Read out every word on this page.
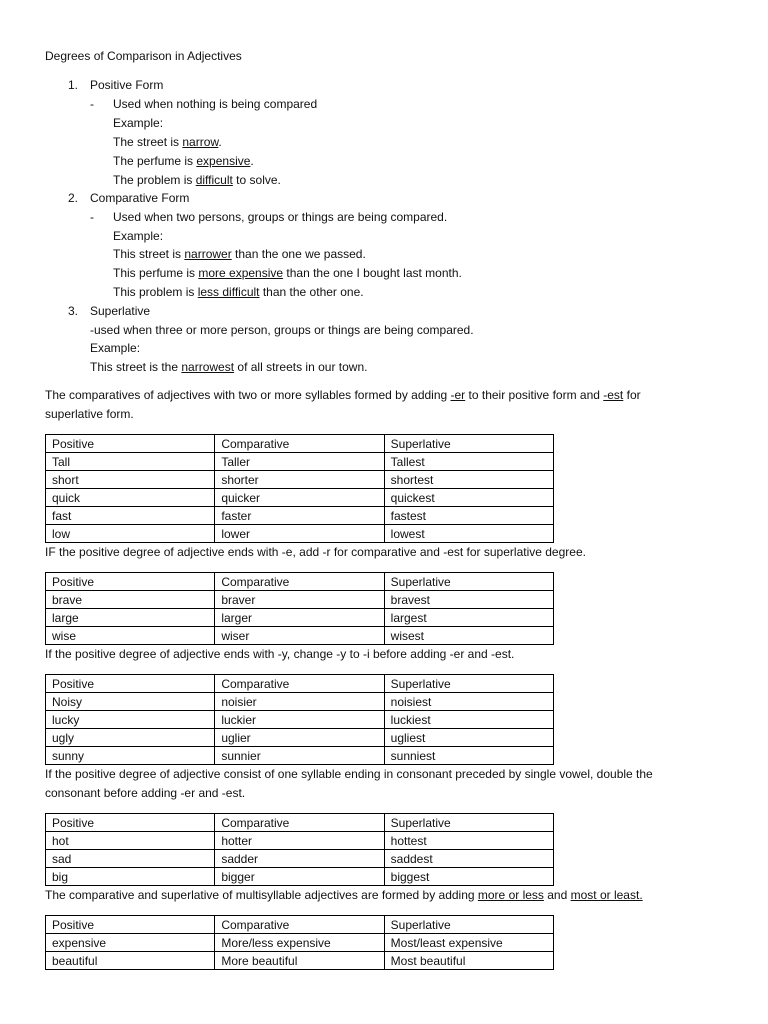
Degrees of Comparison in Adjectives
1. Positive Form
- Used when nothing is being compared
Example:
The street is narrow.
The perfume is expensive.
The problem is difficult to solve.
2. Comparative Form
- Used when two persons, groups or things are being compared.
Example:
This street is narrower than the one we passed.
This perfume is more expensive than the one I bought last month.
This problem is less difficult than the other one.
3. Superlative
-used when three or more person, groups or things are being compared.
Example:
This street is the narrowest of all streets in our town.
The comparatives of adjectives with two or more syllables formed by adding -er to their positive form and -est for
superlative form.
Positive	Comparative	Superlative
Tall	Taller	Tallest
short	shorter	shortest
quick	quicker	quickest
fast	faster	fastest
low	lower	lowest
IF the positive degree of adjective ends with -e, add -r for comparative and -est for superlative degree.
Positive	Comparative	Superlative
brave	braver	bravest
large	larger	largest
wise	wiser	wisest
If the positive degree of adjective ends with -y, change -y to -i before adding -er and -est.
Positive	Comparative	Superlative
Noisy	noisier	noisiest
lucky	luckier	luckiest
ugly	uglier	ugliest
sunny	sunnier	sunniest
If the positive degree of adjective consist of one syllable ending in consonant preceded by single vowel, double the
consonant before adding -er and -est.
Positive	Comparative	Superlative
hot	hotter	hottest
sad	sadder	saddest
big	bigger	biggest
The comparative and superlative of multisyllable adjectives are formed by adding more or less and most or least.
Positive	Comparative	Superlative
expensive	More/less expensive	Most/least expensive
beautiful	More beautiful	Most beautiful
